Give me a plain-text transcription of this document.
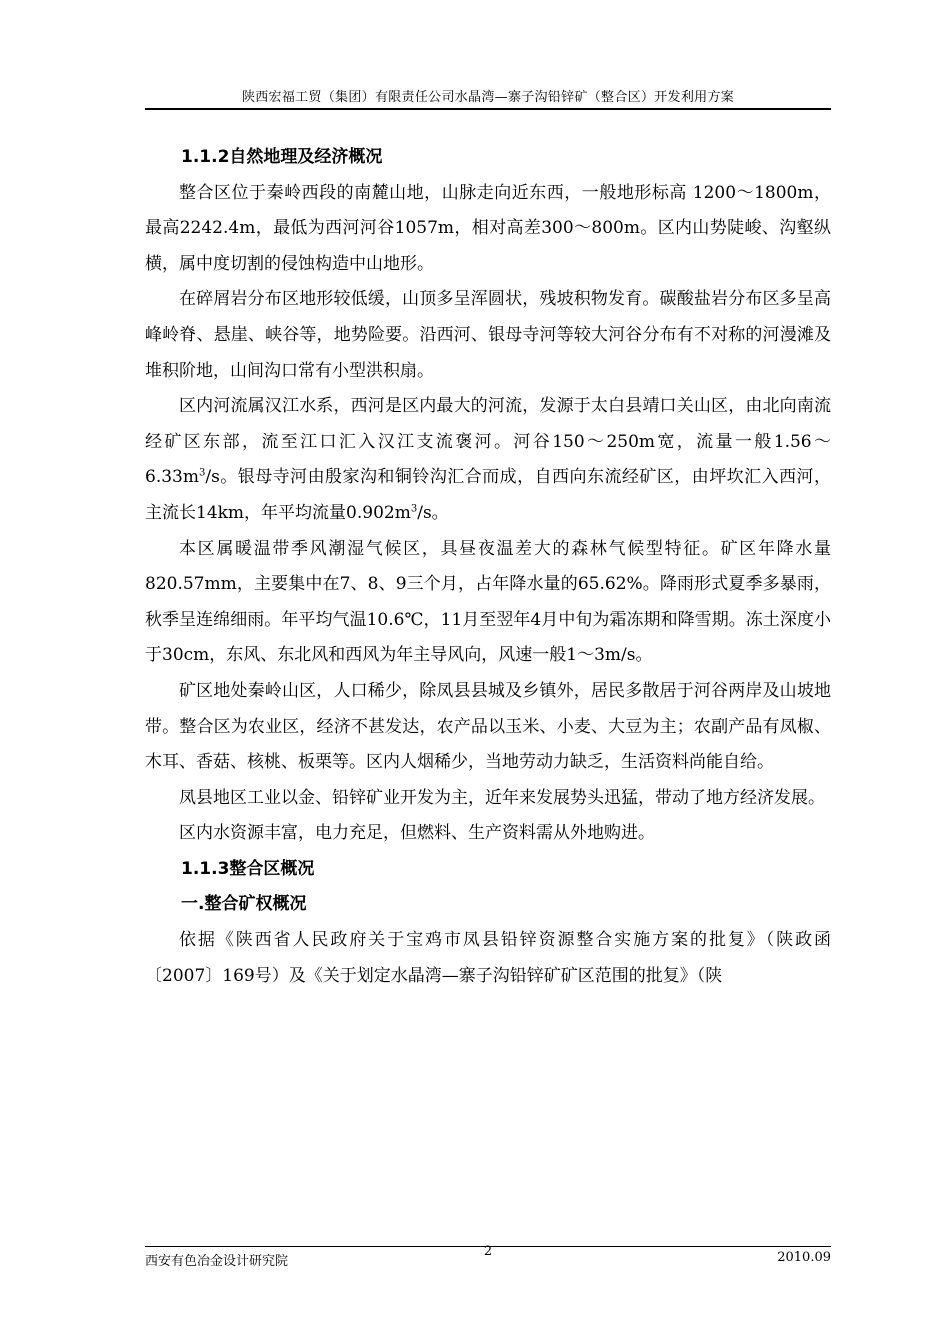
陕西宏福工贸（集团）有限责任公司水晶湾—寨子沟铅锌矿（整合区）开发利用方案
1.1.2自然地理及经济概况

整合区位于秦岭西段的南麓山地，山脉走向近东西，一般地形标高 1200～1800m，最高2242.4m，最低为西河河谷1057m，相对高差300～800m。区内山势陡峻、沟壑纵横，属中度切割的侵蚀构造中山地形。

在碎屑岩分布区地形较低缓，山顶多呈浑圆状，残坡积物发育。碳酸盐岩分布区多呈高峰岭脊、悬崖、峡谷等，地势险要。沿西河、银母寺河等较大河谷分布有不对称的河漫滩及堆积阶地，山间沟口常有小型洪积扇。

区内河流属汉江水系，西河是区内最大的河流，发源于太白县靖口关山区，由北向南流经矿区东部，流至江口汇入汉江支流褒河。河谷150～250m宽，流量一般$1.56\sim 6.33m^3/s$。银母寺河由殷家沟和铜铃沟汇合而成，自西向东流经矿区，由坪坎汇入西河，主流长14km，年平均流量$0.902m^3/s$。

本区属暖温带季风潮湿气候区，具昼夜温差大的森林气候型特征。矿区年降水量820.57mm，主要集中在7、8、9三个月，占年降水量的65.62%。降雨形式夏季多暴雨，秋季呈连绵细雨。年平均气温10.6℃，11月至翌年4月中旬为霜冻期和降雪期。冻土深度小于30cm，东风、东北风和西风为年主导风向，风速一般1～3m/s。

矿区地处秦岭山区，人口稀少，除凤县县城及乡镇外，居民多散居于河谷两岸及山坡地带。整合区为农业区，经济不甚发达，农产品以玉米、小麦、大豆为主；农副产品有凤椒、木耳、香菇、核桃、板栗等。区内人烟稀少，当地劳动力缺乏，生活资料尚能自给。

凤县地区工业以金、铅锌矿业开发为主，近年来发展势头迅猛，带动了地方经济发展。

区内水资源丰富，电力充足，但燃料、生产资料需从外地购进。

1.1.3整合区概况
一.整合矿权概况

依据《陕西省人民政府关于宝鸡市凤县铅锌资源整合实施方案的批复》（陕政函〔2007〕169号）及《关于划定水晶湾—寨子沟铅锌矿矿区范围的批复》（陕

西安有色冶金设计研究院
2	2010.09
